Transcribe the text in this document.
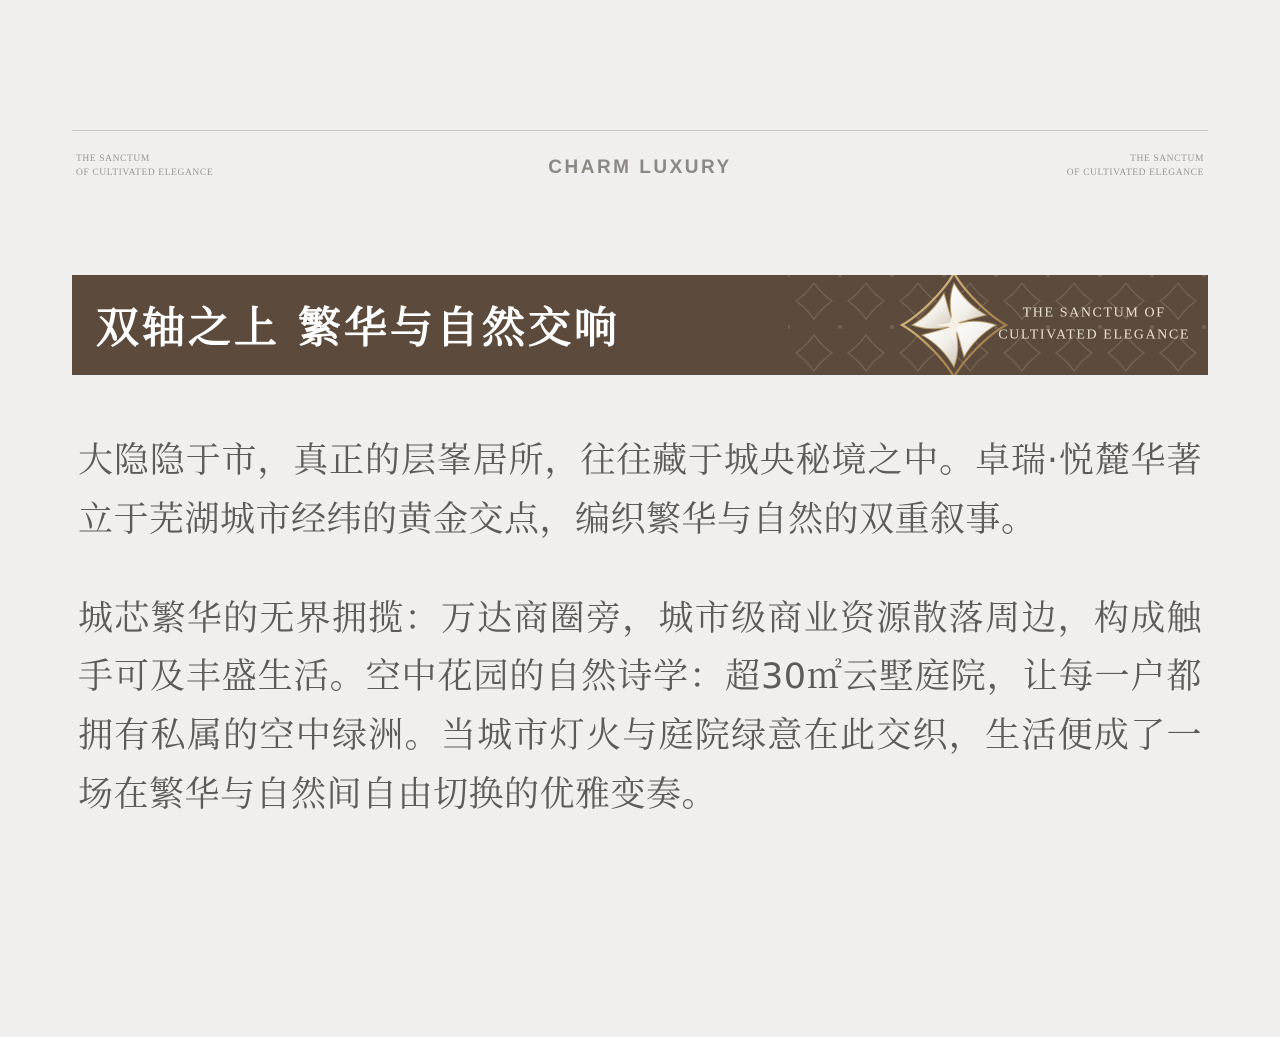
THE SANCTUM
OF CULTIVATED ELEGANCE	CHARM LUXURY	THE SANCTUM
OF CULTIVATED ELEGANCE
双轴之上 繁华与自然交响	THE SANCTUM OF
CULTIVATED ELEGANCE

大隐隐于市，真正的层峯居所，往往藏于城央秘境之中。卓瑞·悦麓华著立于芜湖城市经纬的黄金交点，编织繁华与自然的双重叙事。

城芯繁华的无界拥揽：万达商圈旁，城市级商业资源散落周边，构成触手可及丰盛生活。空中花园的自然诗学：超30㎡云墅庭院，让每一户都拥有私属的空中绿洲。当城市灯火与庭院绿意在此交织，生活便成了一场在繁华与自然间自由切换的优雅变奏。
